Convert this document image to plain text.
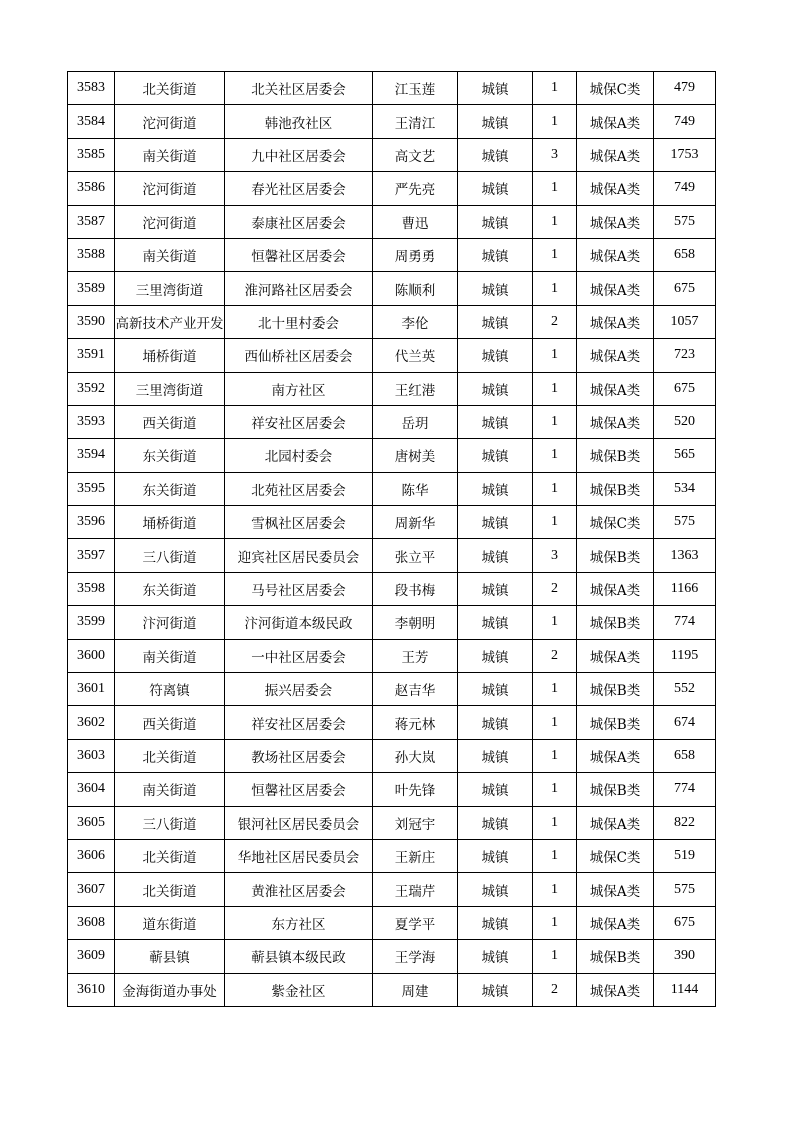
3583	北关街道	北关社区居委会	江玉莲	城镇	1	城保C类	479
3584	沱河街道	韩池孜社区	王清江	城镇	1	城保A类	749
3585	南关街道	九中社区居委会	高文艺	城镇	3	城保A类	1753
3586	沱河街道	春光社区居委会	严先亮	城镇	1	城保A类	749
3587	沱河街道	泰康社区居委会	曹迅	城镇	1	城保A类	575
3588	南关街道	恒馨社区居委会	周勇勇	城镇	1	城保A类	658
3589	三里湾街道	淮河路社区居委会	陈顺利	城镇	1	城保A类	675
3590	高新技术产业开发	北十里村委会	李伦	城镇	2	城保A类	1057
3591	埇桥街道	西仙桥社区居委会	代兰英	城镇	1	城保A类	723
3592	三里湾街道	南方社区	王红港	城镇	1	城保A类	675
3593	西关街道	祥安社区居委会	岳玥	城镇	1	城保A类	520
3594	东关街道	北园村委会	唐树美	城镇	1	城保B类	565
3595	东关街道	北苑社区居委会	陈华	城镇	1	城保B类	534
3596	埇桥街道	雪枫社区居委会	周新华	城镇	1	城保C类	575
3597	三八街道	迎宾社区居民委员会	张立平	城镇	3	城保B类	1363
3598	东关街道	马号社区居委会	段书梅	城镇	2	城保A类	1166
3599	汴河街道	汴河街道本级民政	李朝明	城镇	1	城保B类	774
3600	南关街道	一中社区居委会	王芳	城镇	2	城保A类	1195
3601	符离镇	振兴居委会	赵吉华	城镇	1	城保B类	552
3602	西关街道	祥安社区居委会	蒋元林	城镇	1	城保B类	674
3603	北关街道	教场社区居委会	孙大岚	城镇	1	城保A类	658
3604	南关街道	恒馨社区居委会	叶先锋	城镇	1	城保B类	774
3605	三八街道	银河社区居民委员会	刘冠宇	城镇	1	城保A类	822
3606	北关街道	华地社区居民委员会	王新庄	城镇	1	城保C类	519
3607	北关街道	黄淮社区居委会	王瑞芹	城镇	1	城保A类	575
3608	道东街道	东方社区	夏学平	城镇	1	城保A类	675
3609	蕲县镇	蕲县镇本级民政	王学海	城镇	1	城保B类	390
3610	金海街道办事处	紫金社区	周建	城镇	2	城保A类	1144
